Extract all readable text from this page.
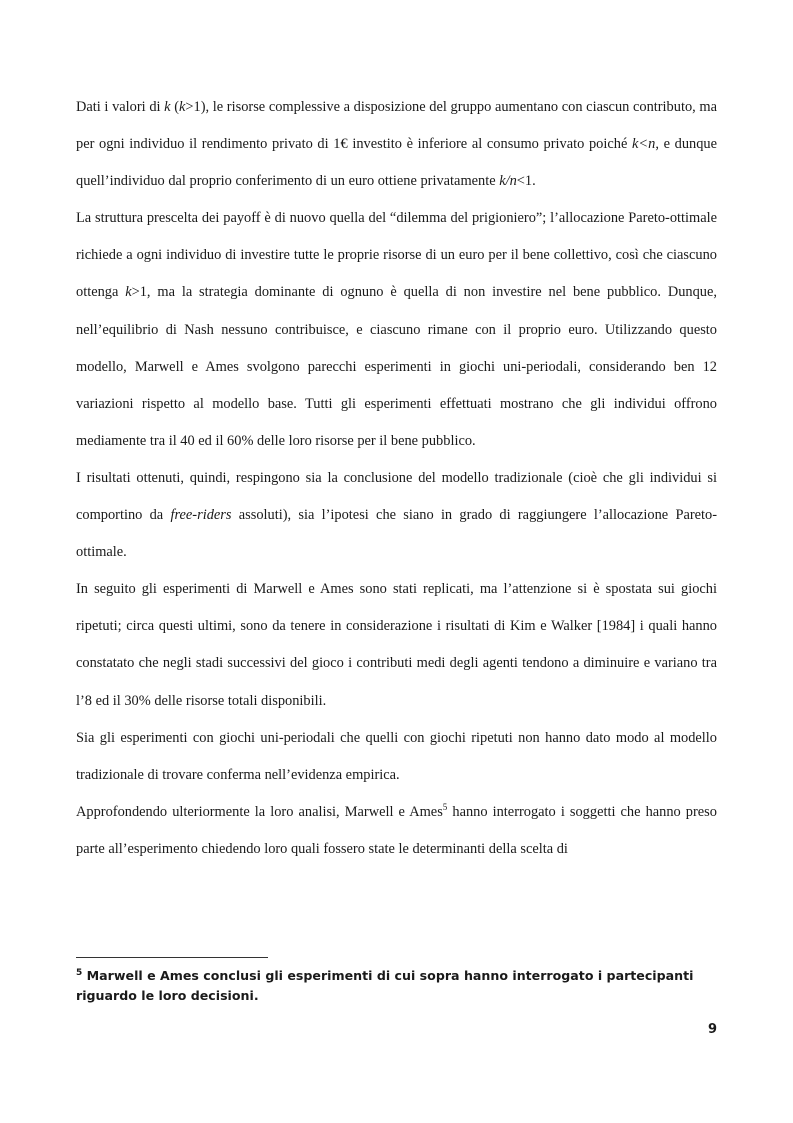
Dati i valori di k (k>1), le risorse complessive a disposizione del gruppo aumentano con ciascun contributo, ma per ogni individuo il rendimento privato di 1€ investito è inferiore al consumo privato poiché k<n, e dunque quell’individuo dal proprio conferimento di un euro ottiene privatamente k/n<1.

La struttura prescelta dei payoff è di nuovo quella del “dilemma del prigioniero”; l’allocazione Pareto-ottimale richiede a ogni individuo di investire tutte le proprie risorse di un euro per il bene collettivo, così che ciascuno ottenga k>1, ma la strategia dominante di ognuno è quella di non investire nel bene pubblico. Dunque, nell’equilibrio di Nash nessuno contribuisce, e ciascuno rimane con il proprio euro. Utilizzando questo modello, Marwell e Ames svolgono parecchi esperimenti in giochi uni-periodali, considerando ben 12 variazioni rispetto al modello base. Tutti gli esperimenti effettuati mostrano che gli individui offrono mediamente tra il 40 ed il 60% delle loro risorse per il bene pubblico.

I risultati ottenuti, quindi, respingono sia la conclusione del modello tradizionale (cioè che gli individui si comportino da free-riders assoluti), sia l’ipotesi che siano in grado di raggiungere l’allocazione Pareto-ottimale.

In seguito gli esperimenti di Marwell e Ames sono stati replicati, ma l’attenzione si è spostata sui giochi ripetuti; circa questi ultimi, sono da tenere in considerazione i risultati di Kim e Walker [1984] i quali hanno constatato che negli stadi successivi del gioco i contributi medi degli agenti tendono a diminuire e variano tra l’8 ed il 30% delle risorse totali disponibili.

Sia gli esperimenti con giochi uni-periodali che quelli con giochi ripetuti non hanno dato modo al modello tradizionale di trovare conferma nell’evidenza empirica.

Approfondendo ulteriormente la loro analisi, Marwell e Ames$^5$ hanno interrogato i soggetti che hanno preso parte all’esperimento chiedendo loro quali fossero state le determinanti della scelta di

$^5$ Marwell e Ames conclusi gli esperimenti di cui sopra hanno interrogato i partecipanti riguardo le loro decisioni.
9
